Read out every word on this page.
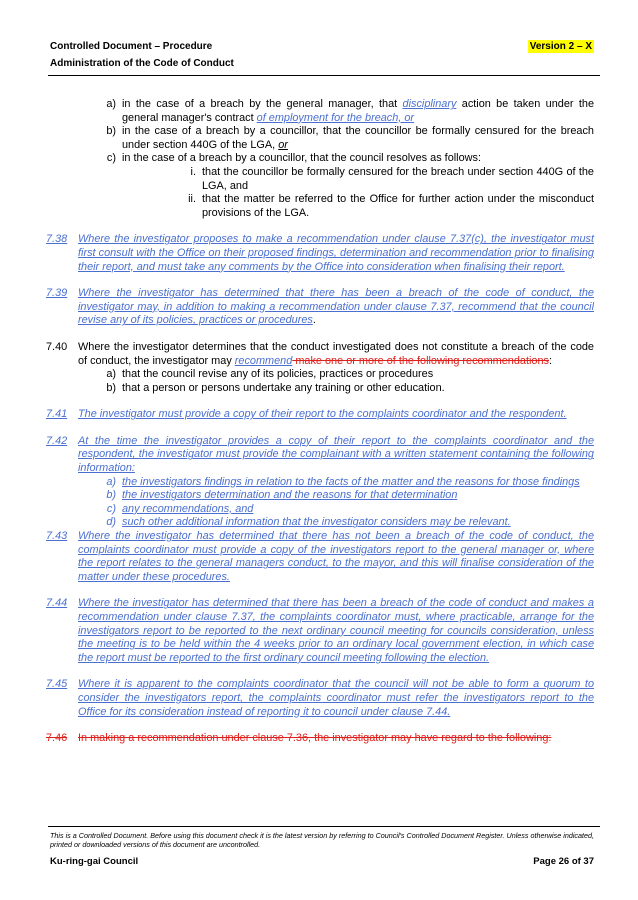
Controlled Document – Procedure
Administration of the Code of Conduct
Version 2 – X
a) in the case of a breach by the general manager, that disciplinary action be taken under the general manager's contract of employment for the breach, or
b) in the case of a breach by a councillor, that the councillor be formally censured for the breach under section 440G of the LGA, or
c) in the case of a breach by a councillor, that the council resolves as follows:
i. that the councillor be formally censured for the breach under section 440G of the LGA, and
ii. that the matter be referred to the Office for further action under the misconduct provisions of the LGA.
7.38 Where the investigator proposes to make a recommendation under clause 7.37(c), the investigator must first consult with the Office on their proposed findings, determination and recommendation prior to finalising their report, and must take any comments by the Office into consideration when finalising their report.
7.39 Where the investigator has determined that there has been a breach of the code of conduct, the investigator may, in addition to making a recommendation under clause 7.37, recommend that the council revise any of its policies, practices or procedures.
7.40 Where the investigator determines that the conduct investigated does not constitute a breach of the code of conduct, the investigator may recommend make one or more of the following recommendations:
a) that the council revise any of its policies, practices or procedures
b) that a person or persons undertake any training or other education.
7.41 The investigator must provide a copy of their report to the complaints coordinator and the respondent.
7.42 At the time the investigator provides a copy of their report to the complaints coordinator and the respondent, the investigator must provide the complainant with a written statement containing the following information:
a) the investigators findings in relation to the facts of the matter and the reasons for those findings
b) the investigators determination and the reasons for that determination
c) any recommendations, and
d) such other additional information that the investigator considers may be relevant.
7.43 Where the investigator has determined that there has not been a breach of the code of conduct, the complaints coordinator must provide a copy of the investigators report to the general manager or, where the report relates to the general managers conduct, to the mayor, and this will finalise consideration of the matter under these procedures.
7.44 Where the investigator has determined that there has been a breach of the code of conduct and makes a recommendation under clause 7.37, the complaints coordinator must, where practicable, arrange for the investigators report to be reported to the next ordinary council meeting for councils consideration, unless the meeting is to be held within the 4 weeks prior to an ordinary local government election, in which case the report must be reported to the first ordinary council meeting following the election.
7.45 Where it is apparent to the complaints coordinator that the council will not be able to form a quorum to consider the investigators report, the complaints coordinator must refer the investigators report to the Office for its consideration instead of reporting it to council under clause 7.44.
7.46 In making a recommendation under clause 7.36, the investigator may have regard to the following:
This is a Controlled Document. Before using this document check it is the latest version by referring to Council's Controlled Document Register. Unless otherwise indicated, printed or downloaded versions of this document are uncontrolled.
Ku-ring-gai Council	Page 26 of 37
